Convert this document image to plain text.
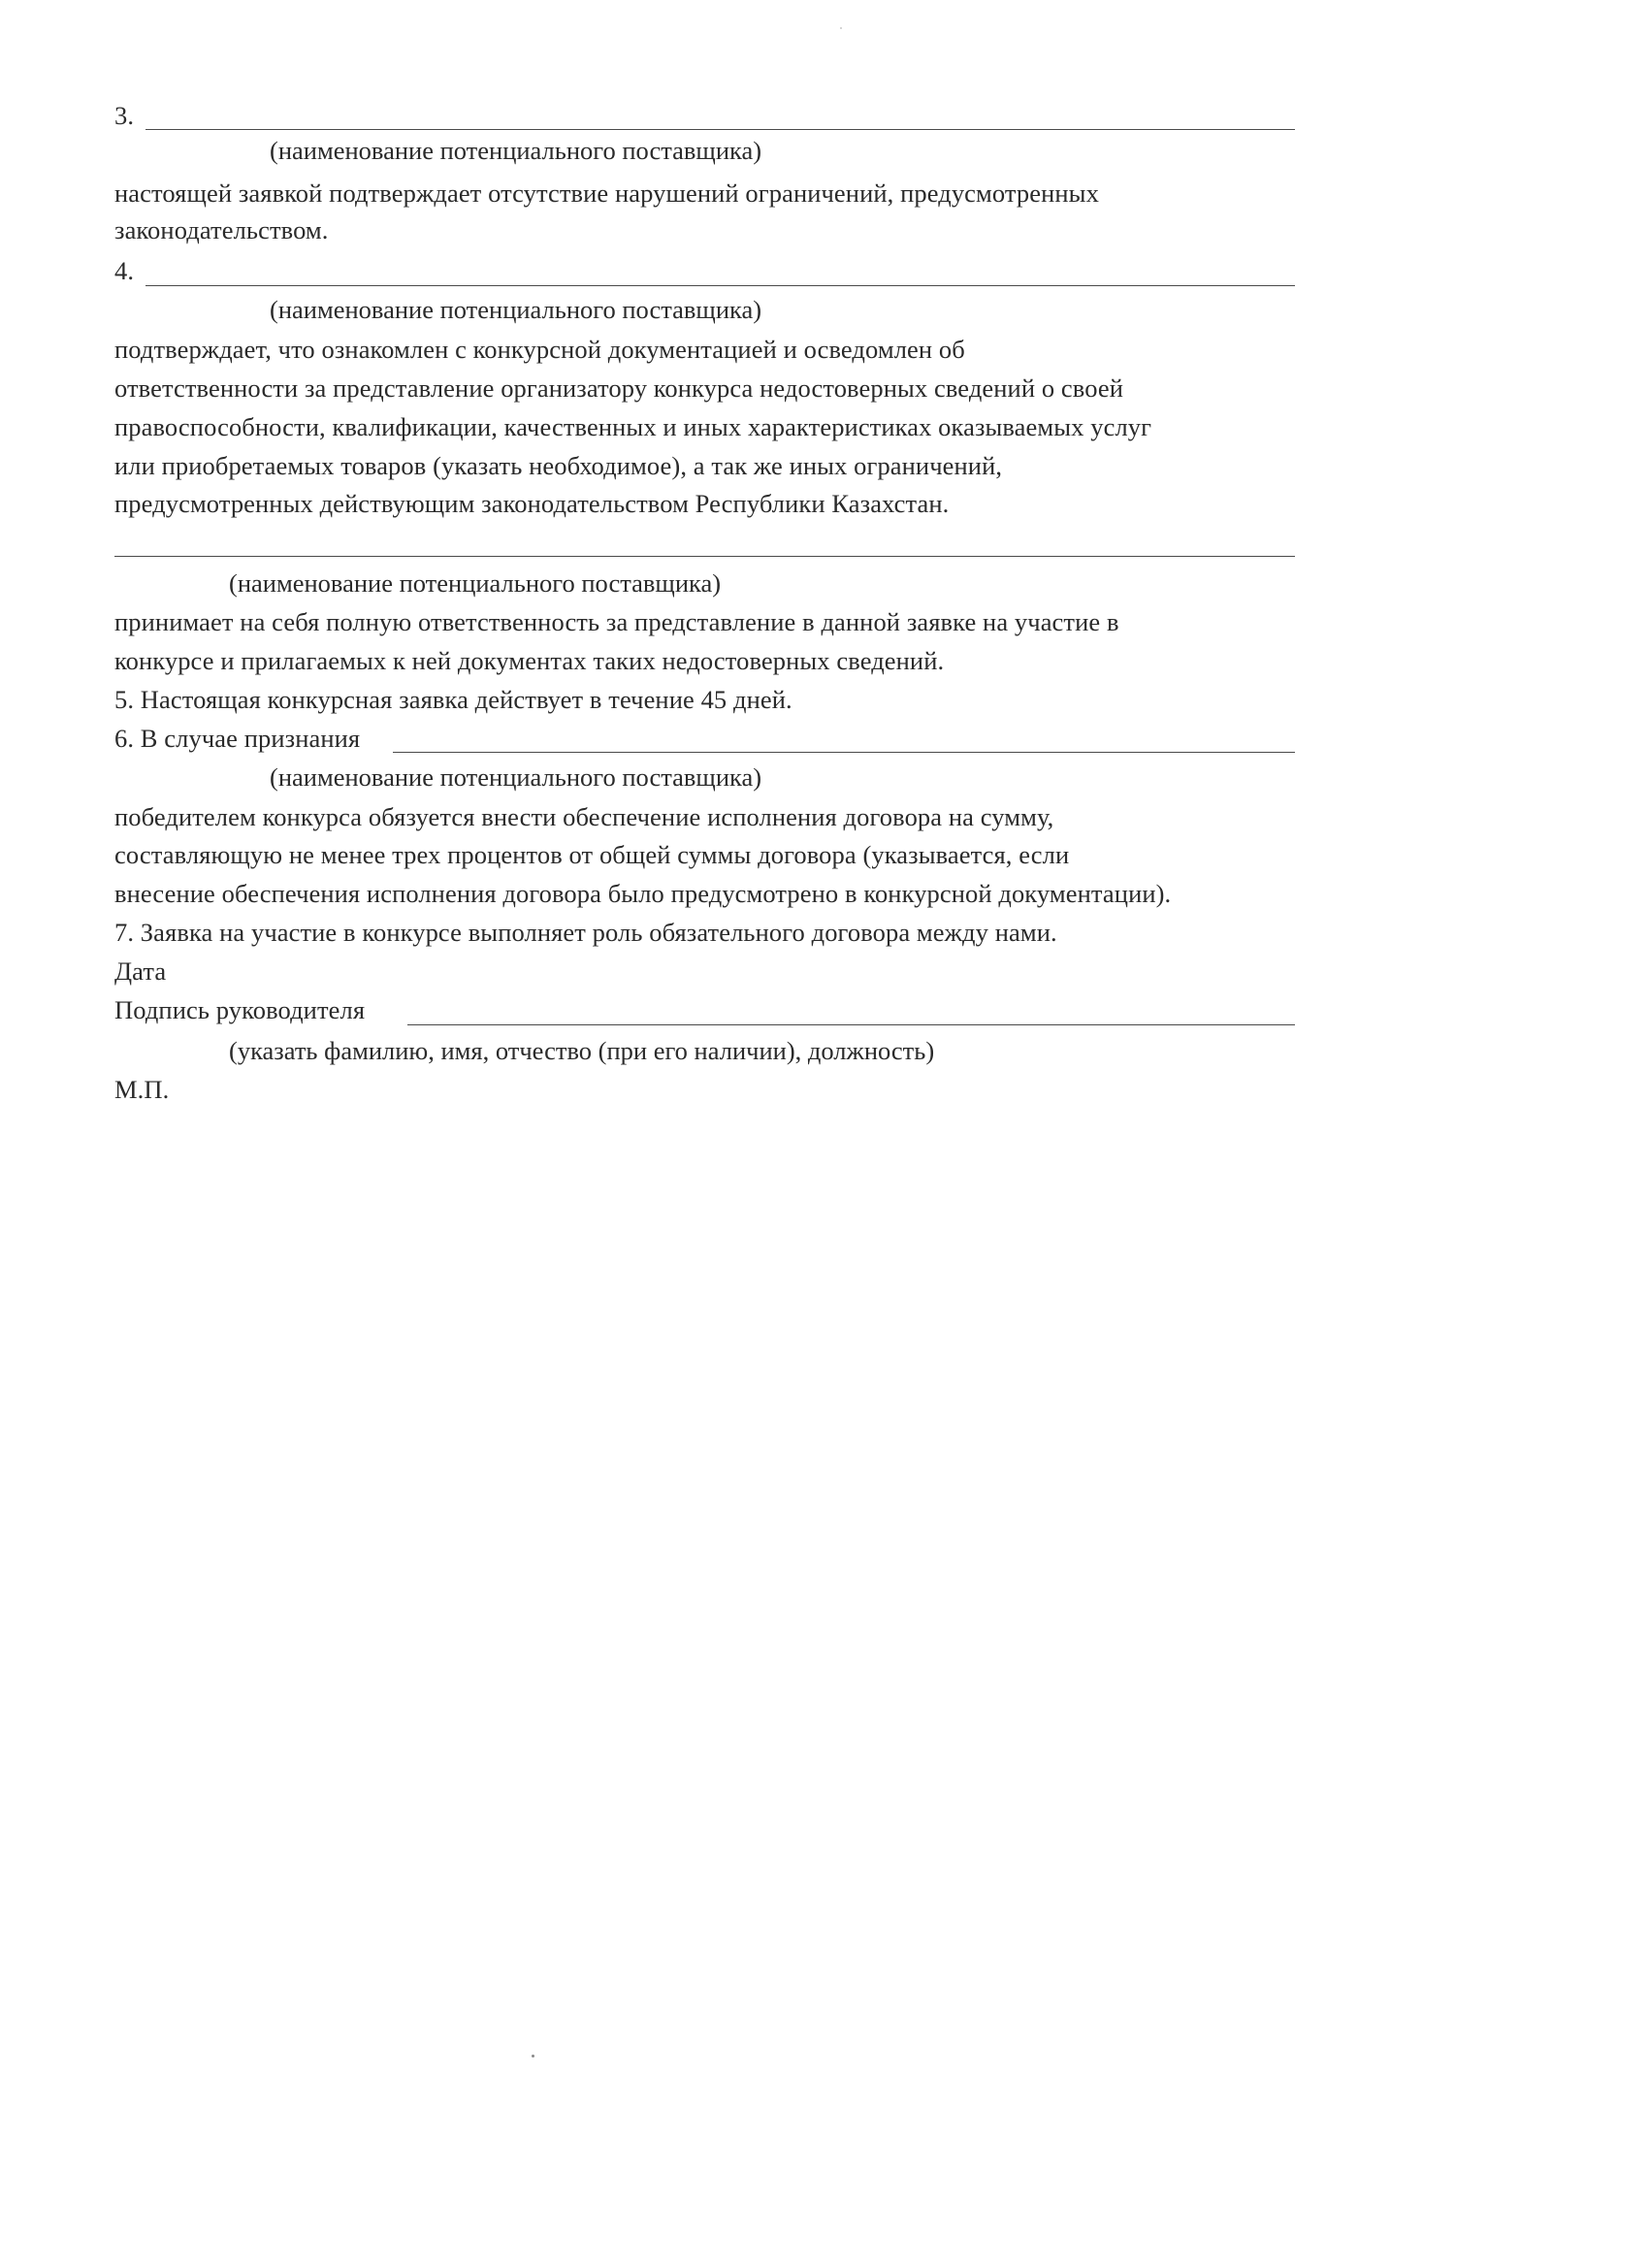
3.
(наименование потенциального поставщика)
настоящей заявкой подтверждает отсутствие нарушений ограничений, предусмотренных
законодательством.
4.
(наименование потенциального поставщика)
подтверждает, что ознакомлен с конкурсной документацией и осведомлен об
ответственности за представление организатору конкурса недостоверных сведений о своей
правоспособности, квалификации, качественных и иных характеристиках оказываемых услуг
или приобретаемых товаров (указать необходимое), а так же иных ограничений,
предусмотренных действующим законодательством Республики Казахстан.
(наименование потенциального поставщика)
принимает на себя полную ответственность за представление в данной заявке на участие в
конкурсе и прилагаемых к ней документах таких недостоверных сведений.
5. Настоящая конкурсная заявка действует в течение 45 дней.
6. В случае признания
(наименование потенциального поставщика)
победителем конкурса обязуется внести обеспечение исполнения договора на сумму,
составляющую не менее трех процентов от общей суммы договора (указывается, если
внесение обеспечения исполнения договора было предусмотрено в конкурсной документации).
7. Заявка на участие в конкурсе выполняет роль обязательного договора между нами.
Дата
Подпись руководителя
(указать фамилию, имя, отчество (при его наличии), должность)
М.П.
